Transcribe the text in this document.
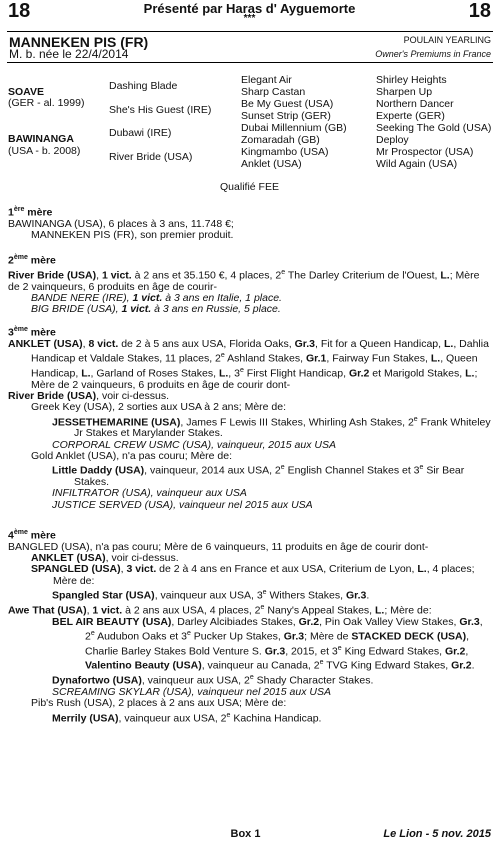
18	Présenté par Haras d' Ayguemorte
***	18
MANNEKEN PIS (FR)
M. b. née le 22/4/2014
POULAIN YEARLING
Owner's Premiums in France
SOAVE
(GER - al. 1999)
BAWINANGA
(USA - b. 2008)
Dashing Blade
She's His Guest (IRE)
Dubawi (IRE)
River Bride (USA)
Elegant Air
Sharp Castan
Be My Guest (USA)
Sunset Strip (GER)
Dubai Millennium (GB)
Zomaradah (GB)
Kingmambo (USA)
Anklet (USA)
Shirley Heights
Sharpen Up
Northern Dancer
Experte (GER)
Seeking The Gold (USA)
Deploy
Mr Prospector (USA)
Wild Again (USA)
Qualifié FEE

1ère mère

BAWINANGA (USA), 6 places à 3 ans, 11.748 €;

MANNEKEN PIS (FR), son premier produit.

2ème mère

River Bride (USA), 1 vict. à 2 ans et 35.150 €, 4 places, 2e The Darley Criterium de l'Ouest, L.; Mère de 2 vainqueurs, 6 produits en âge de courir-

BANDE NERE (IRE), 1 vict. à 3 ans en Italie, 1 place.

BIG BRIDE (USA), 1 vict. à 3 ans en Russie, 5 place.

3ème mère

ANKLET (USA), 8 vict. de 2 à 5 ans aux USA, Florida Oaks, Gr.3, Fit for a Queen Handicap, L., Dahlia Handicap et Valdale Stakes, 11 places, 2e Ashland Stakes, Gr.1, Fairway Fun Stakes, L., Queen Handicap, L., Garland of Roses Stakes, L., 3e First Flight Handicap, Gr.2 et Marigold Stakes, L.; Mère de 2 vainqueurs, 6 produits en âge de courir dont-

River Bride (USA), voir ci-dessus.

Greek Key (USA), 2 sorties aux USA à 2 ans; Mère de:

JESSETHEMARINE (USA), James F Lewis III Stakes, Whirling Ash Stakes, 2e Frank Whiteley Jr Stakes et Marylander Stakes.

CORPORAL CREW USMC (USA), vainqueur, 2015 aux USA

Gold Anklet (USA), n'a pas couru; Mère de:

Little Daddy (USA), vainqueur, 2014 aux USA, 2e English Channel Stakes et 3e Sir Bear Stakes.

INFILTRATOR (USA), vainqueur aux USA

JUSTICE SERVED (USA), vainqueur nel 2015 aux USA

4ème mère

BANGLED (USA), n'a pas couru; Mère de 6 vainqueurs, 11 produits en âge de courir dont-

ANKLET (USA), voir ci-dessus.

SPANGLED (USA), 3 vict. de 2 à 4 ans en France et aux USA, Criterium de Lyon, L., 4 places; Mère de:

Spangled Star (USA), vainqueur aux USA, 3e Withers Stakes, Gr.3.

Awe That (USA), 1 vict. à 2 ans aux USA, 4 places, 2e Nany's Appeal Stakes, L.; Mère de:

BEL AIR BEAUTY (USA), Darley Alcibiades Stakes, Gr.2, Pin Oak Valley View Stakes, Gr.3, 2e Audubon Oaks et 3e Pucker Up Stakes, Gr.3; Mère de STACKED DECK (USA), Charlie Barley Stakes Bold Venture S. Gr.3, 2015, et 3e King Edward Stakes, Gr.2, Valentino Beauty (USA), vainqueur au Canada, 2e TVG King Edward Stakes, Gr.2.

Dynafortwo (USA), vainqueur aux USA, 2e Shady Character Stakes.

SCREAMING SKYLAR (USA), vainqueur nel 2015 aux USA

Pib's Rush (USA), 2 places à 2 ans aux USA; Mère de:

Merrily (USA), vainqueur aux USA, 2e Kachina Handicap.

Box 1	Le Lion - 5 nov. 2015
